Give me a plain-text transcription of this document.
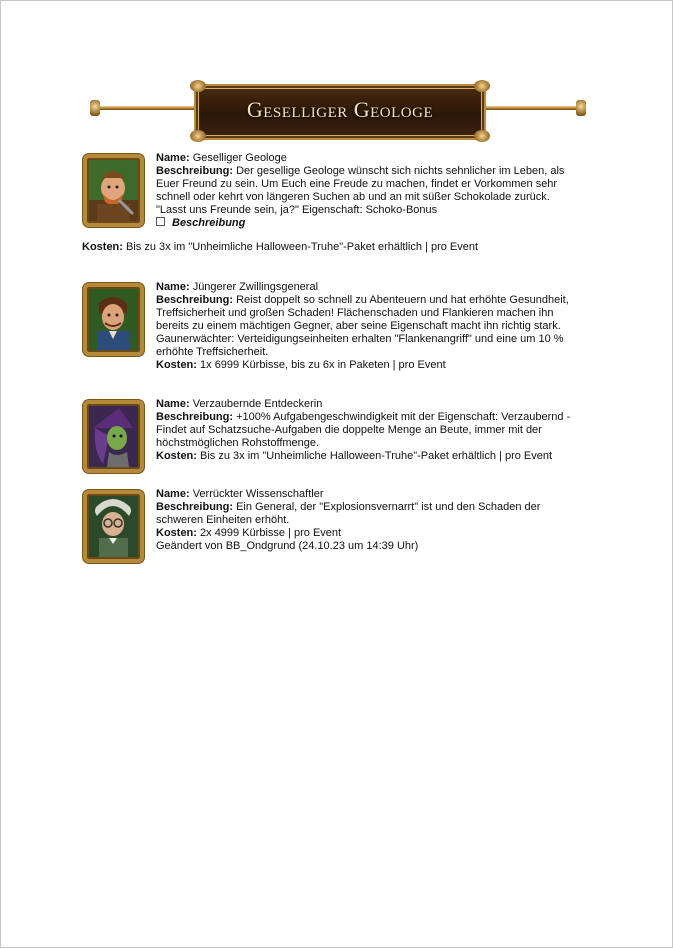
Geselliger Geologe

Name: Geselliger Geologe

Beschreibung: Der gesellige Geologe wünscht sich nichts sehnlicher im Leben, als
Euer Freund zu sein. Um Euch eine Freude zu machen, findet er Vorkommen sehr
schnell oder kehrt von längeren Suchen ab und an mit süßer Schokolade zurück.
"Lasst uns Freunde sein, ja?" Eigenschaft: Schoko-Bonus

Beschreibung

Kosten: Bis zu 3x im "Unheimliche Halloween-Truhe"-Paket erhältlich | pro Event

Name: Jüngerer Zwillingsgeneral

Beschreibung: Reist doppelt so schnell zu Abenteuern und hat erhöhte Gesundheit,
Treffsicherheit und großen Schaden! Flächenschaden und Flankieren machen ihn
bereits zu einem mächtigen Gegner, aber seine Eigenschaft macht ihn richtig stark.
Gaunerwächter: Verteidigungseinheiten erhalten "Flankenangriff" und eine um 10 %
erhöhte Treffsicherheit.

Kosten: 1x 6999 Kürbisse, bis zu 6x in Paketen | pro Event

Name: Verzaubernde Entdeckerin

Beschreibung: +100% Aufgabengeschwindigkeit mit der Eigenschaft: Verzaubernd -
Findet auf Schatzsuche-Aufgaben die doppelte Menge an Beute, immer mit der
höchstmöglichen Rohstoffmenge.

Kosten: Bis zu 3x im "Unheimliche Halloween-Truhe"-Paket erhältlich | pro Event

Name: Verrückter Wissenschaftler

Beschreibung: Ein General, der "Explosionsvernarrt" ist und den Schaden der
schweren Einheiten erhöht.

Kosten: 2x 4999 Kürbisse | pro Event

Geändert von BB_Ondgrund (24.10.23 um 14:39 Uhr)
